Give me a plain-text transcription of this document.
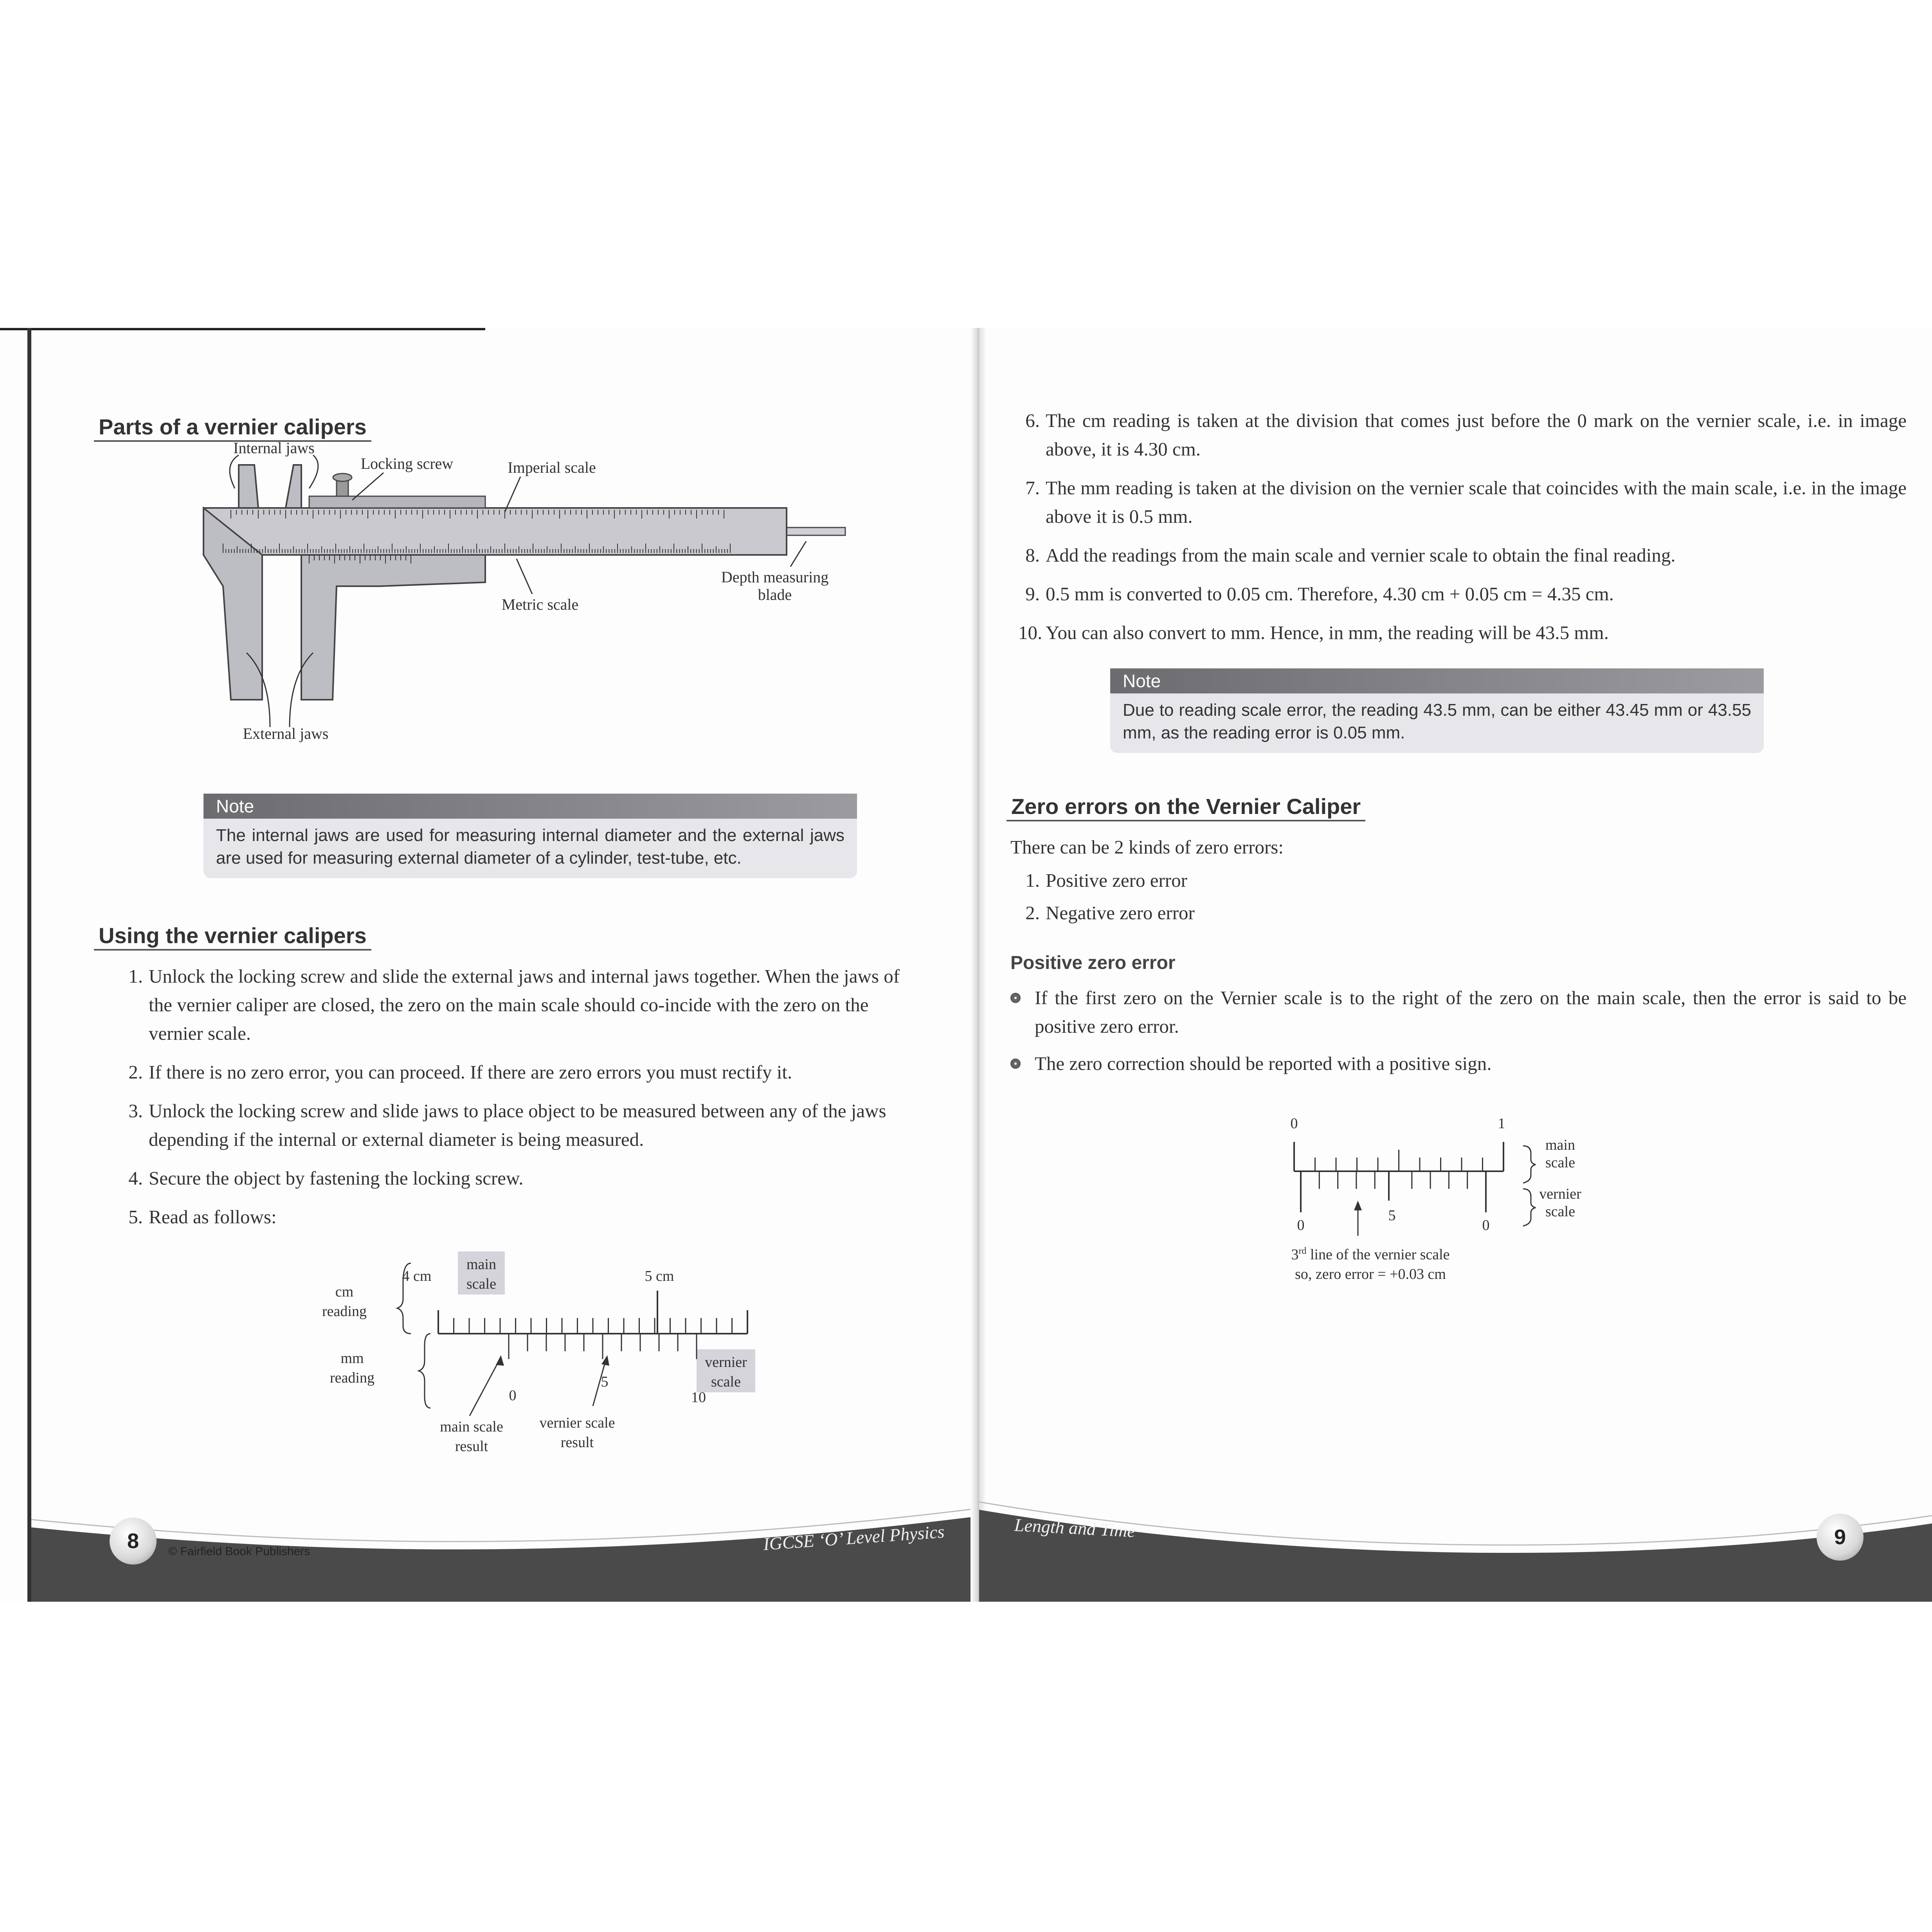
Parts of a vernier calipers
Internal jaws
Locking screw	Imperial scale
Metric scale
Depth measuring
blade
External jaws
Note
The internal jaws are used for measuring internal diameter and the external jaws are used for measuring external diameter of a cylinder, test-tube, etc.
Using the vernier calipers
1. Unlock the locking screw and slide the external jaws and internal jaws together. When the jaws of the vernier caliper are closed, the zero on the main scale should co-incide with the zero on the vernier scale.
2. If there is no zero error, you can proceed. If there are zero errors you must rectify it.
3. Unlock the locking screw and slide jaws to place object to be measured between any of the jaws depending if the internal or external diameter is being measured.
4. Secure the object by fastening the locking screw.
5. Read as follows:
cm
reading
mm
reading
4 cm	5 cm
main
scale
vernier
scale
0
5
10
main scale
result
vernier scale
result
8	© Fairfield Book Publishers	IGCSE ‘O’ Level Physics
6. The cm reading is taken at the division that comes just before the 0 mark on the vernier scale, i.e. in image above, it is 4.30 cm.
7. The mm reading is taken at the division on the vernier scale that coincides with the main scale, i.e. in the image above it is 0.5 mm.
8. Add the readings from the main scale and vernier scale to obtain the final reading.
9. 0.5 mm is converted to 0.05 cm. Therefore, 4.30 cm + 0.05 cm = 4.35 cm.
10. You can also convert to mm. Hence, in mm, the reading will be 43.5 mm.
Note
Due to reading scale error, the reading 43.5 mm, can be either 43.45 mm or 43.55 mm, as the reading error is 0.05 mm.
Zero errors on the Vernier Caliper
There can be 2 kinds of zero errors:
1. Positive zero error
2. Negative zero error
Positive zero error
If the first zero on the Vernier scale is to the right of the zero on the main scale, then the error is said to be positive zero error.
The zero correction should be reported with a positive sign.
0	1
main
scale
vernier
scale
0
5
0
3rd line of the vernier scale
so, zero error = +0.03 cm
Length and Time	9
